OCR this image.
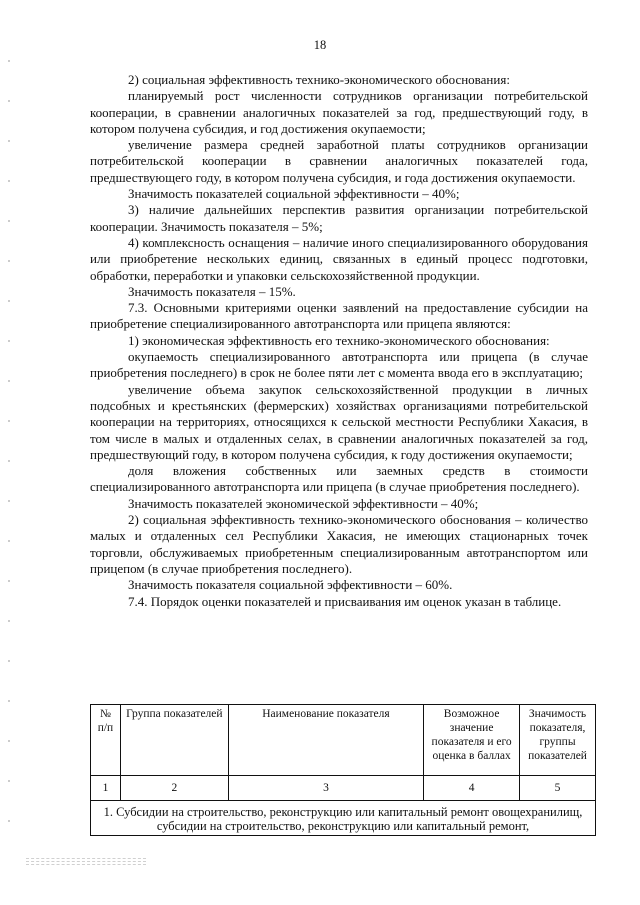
18

2) социальная эффективность технико-экономического обоснования:

планируемый рост численности сотрудников организации потребительской кооперации, в сравнении аналогичных показателей за год, предшествующий году, в котором получена субсидия, и год достижения окупаемости;

увеличение размера средней заработной платы сотрудников организации потребительской кооперации в сравнении аналогичных показателей года, предшествующего году, в котором получена субсидия, и года достижения окупаемости.

Значимость показателей социальной эффективности – 40%;

3) наличие дальнейших перспектив развития организации потребительской кооперации. Значимость показателя – 5%;

4) комплексность оснащения – наличие иного специализированного оборудования или приобретение нескольких единиц, связанных в единый процесс подготовки, обработки, переработки и упаковки сельскохозяйственной продукции.

Значимость показателя – 15%.

7.3. Основными критериями оценки заявлений на предоставление субсидии на приобретение специализированного автотранспорта или прицепа являются:

1) экономическая эффективность его технико-экономического обоснования:

окупаемость специализированного автотранспорта или прицепа (в случае приобретения последнего) в срок не более пяти лет с момента ввода его в эксплуатацию;

увеличение объема закупок сельскохозяйственной продукции в личных подсобных и крестьянских (фермерских) хозяйствах организациями потребительской кооперации на территориях, относящихся к сельской местности Республики Хакасия, в том числе в малых и отдаленных селах, в сравнении аналогичных показателей за год, предшествующий году, в котором получена субсидия, к году достижения окупаемости;

доля вложения собственных или заемных средств в стоимости специализированного автотранспорта или прицепа (в случае приобретения последнего).

Значимость показателей экономической эффективности – 40%;

2) социальная эффективность технико-экономического обоснования – количество малых и отдаленных сел Республики Хакасия, не имеющих стационарных точек торговли, обслуживаемых приобретенным специализированным автотранспортом или прицепом (в случае приобретения последнего).

Значимость показателя социальной эффективности – 60%.

7.4. Порядок оценки показателей и присваивания им оценок указан в таблице.

№ п/п	Группа показателей	Наименование показателя	Возможное значение показателя и его оценка в баллах	Значимость показателя, группы показателей
1	2	3	4	5
1. Субсидии на строительство, реконструкцию или капитальный ремонт овощехранилищ, субсидии на строительство, реконструкцию или капитальный ремонт,				
